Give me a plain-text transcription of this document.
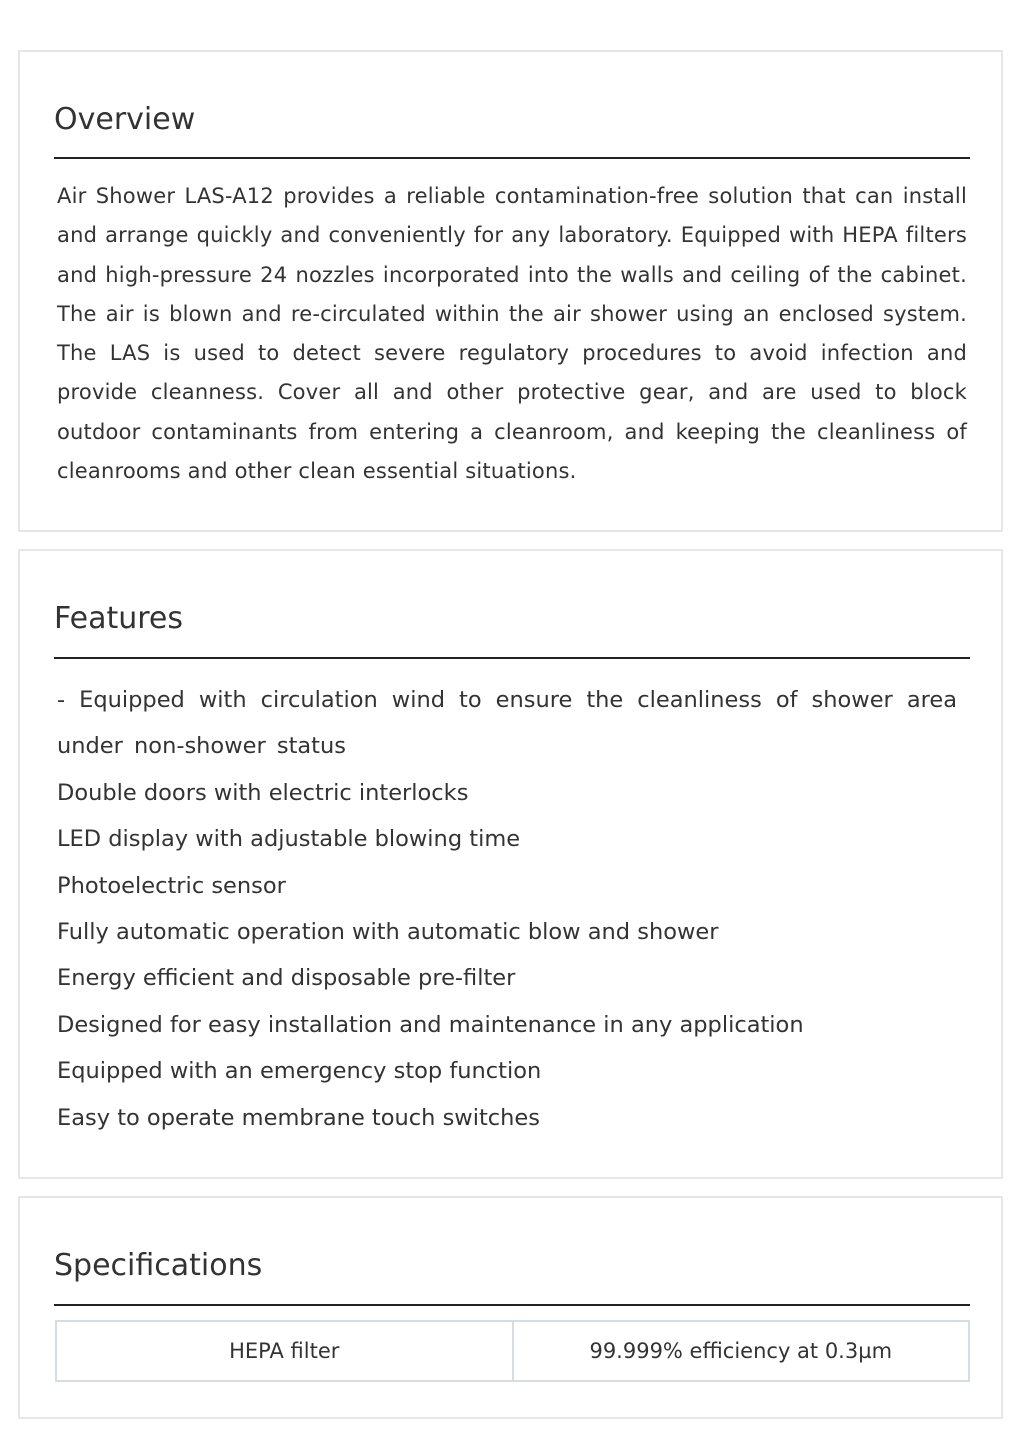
Overview

Air Shower LAS-A12 provides a reliable contamination-free solution that can install and arrange quickly and conveniently for any laboratory. Equipped with HEPA filters and high-pressure 24 nozzles incorporated into the walls and ceiling of the cabinet. The air is blown and re-circulated within the air shower using an enclosed system. The LAS is used to detect severe regulatory procedures to avoid infection and provide cleanness. Cover all and other protective gear, and are used to block outdoor contaminants from entering a cleanroom, and keeping the cleanliness of cleanrooms and other clean essential situations.

Features
- Equipped with circulation wind to ensure the cleanliness of shower area under non-shower status
Double doors with electric interlocks
LED display with adjustable blowing time
Photoelectric sensor
Fully automatic operation with automatic blow and shower
Energy efficient and disposable pre-filter
Designed for easy installation and maintenance in any application
Equipped with an emergency stop function
Easy to operate membrane touch switches
Specifications
HEPA filter	99.999% efficiency at 0.3µm
